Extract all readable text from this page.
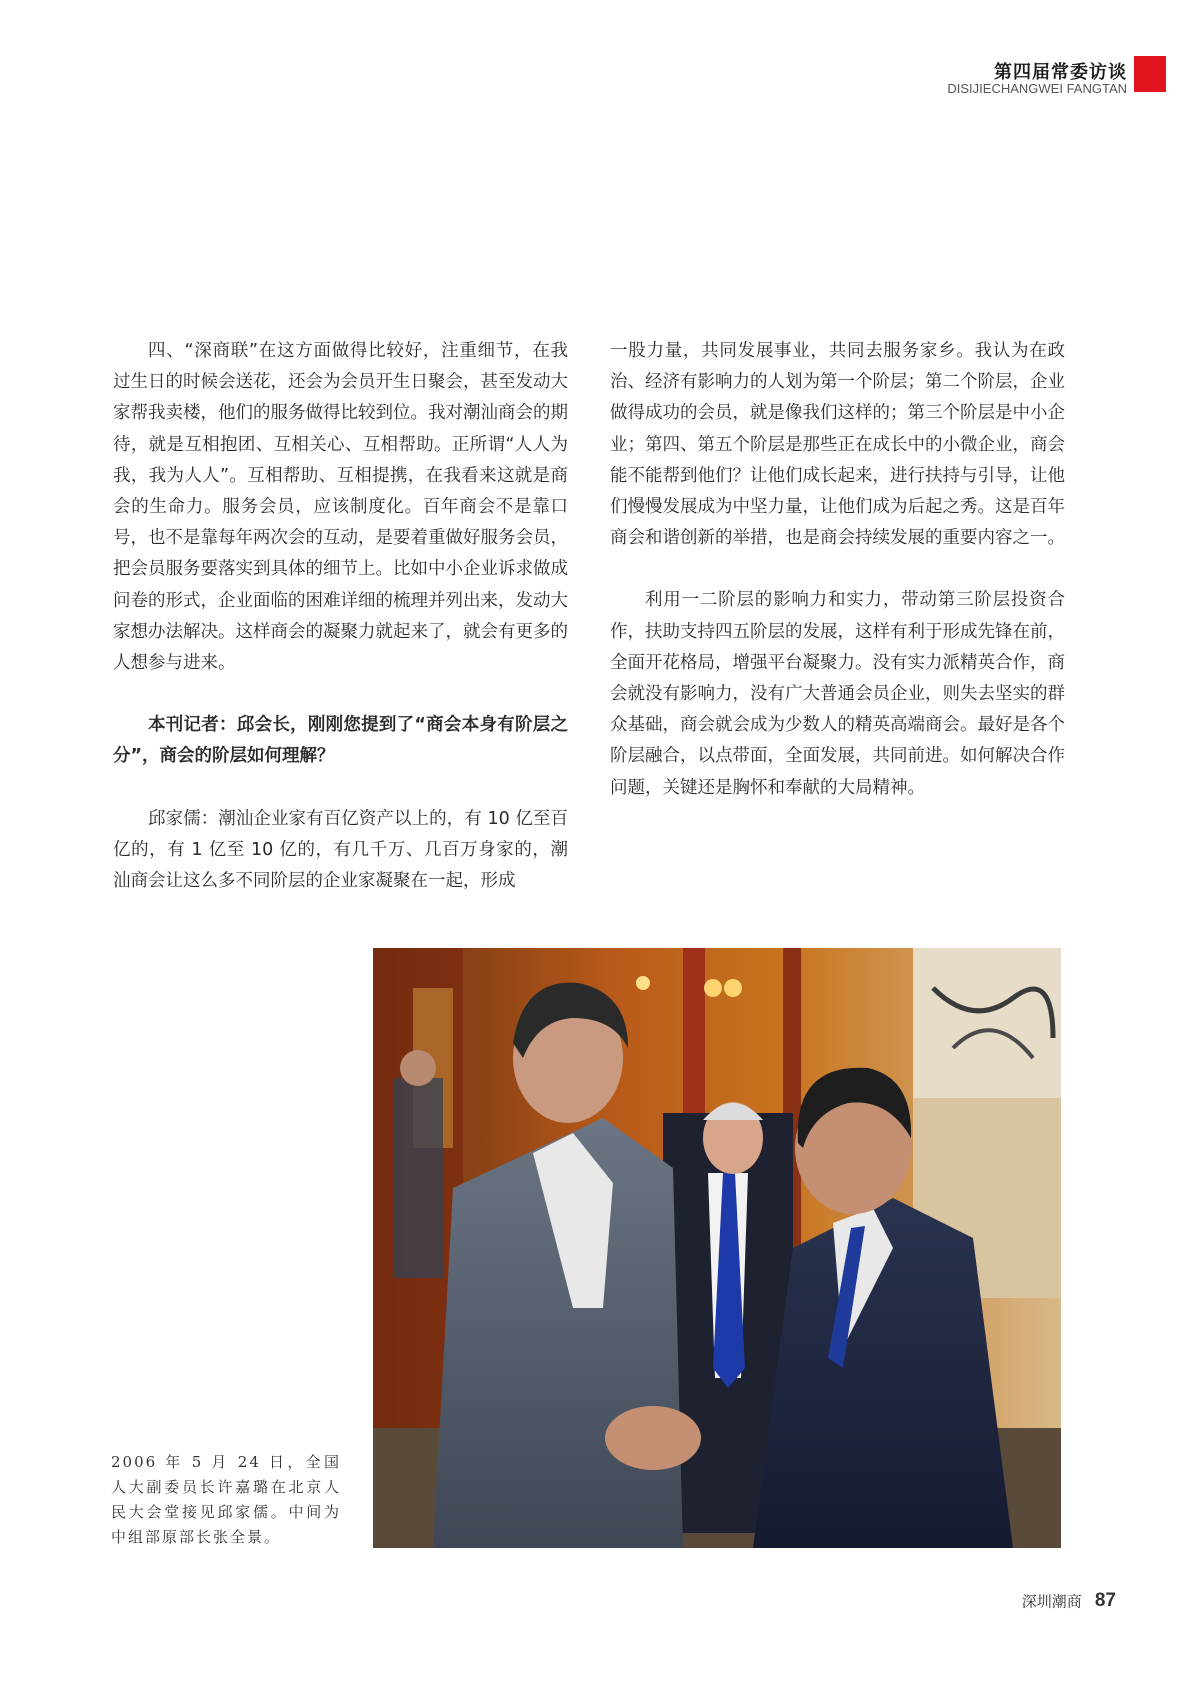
第四届常委访谈
DISIJIECHANGWEI FANGTAN

四、“深商联”在这方面做得比较好，注重细节，在我过生日的时候会送花，还会为会员开生日聚会，甚至发动大家帮我卖楼，他们的服务做得比较到位。我对潮汕商会的期待，就是互相抱团、互相关心、互相帮助。正所谓“人人为我，我为人人”。互相帮助、互相提携，在我看来这就是商会的生命力。服务会员，应该制度化。百年商会不是靠口号，也不是靠每年两次会的互动，是要着重做好服务会员，把会员服务要落实到具体的细节上。比如中小企业诉求做成问卷的形式，企业面临的困难详细的梳理并列出来，发动大家想办法解决。这样商会的凝聚力就起来了，就会有更多的人想参与进来。

本刊记者：邱会长，刚刚您提到了“商会本身有阶层之分”，商会的阶层如何理解？

邱家儒：潮汕企业家有百亿资产以上的，有 10 亿至百亿的，有 1 亿至 10 亿的，有几千万、几百万身家的，潮汕商会让这么多不同阶层的企业家凝聚在一起，形成

一股力量，共同发展事业，共同去服务家乡。我认为在政治、经济有影响力的人划为第一个阶层；第二个阶层，企业做得成功的会员，就是像我们这样的；第三个阶层是中小企业；第四、第五个阶层是那些正在成长中的小微企业，商会能不能帮到他们？让他们成长起来，进行扶持与引导，让他们慢慢发展成为中坚力量，让他们成为后起之秀。这是百年商会和谐创新的举措，也是商会持续发展的重要内容之一。

利用一二阶层的影响力和实力，带动第三阶层投资合作，扶助支持四五阶层的发展，这样有利于形成先锋在前，全面开花格局，增强平台凝聚力。没有实力派精英合作，商会就没有影响力，没有广大普通会员企业，则失去坚实的群众基础，商会就会成为少数人的精英高端商会。最好是各个阶层融合，以点带面，全面发展，共同前进。如何解决合作问题，关键还是胸怀和奉献的大局精神。

2006 年 5 月 24 日，全国人大副委员长许嘉璐在北京人民大会堂接见邱家儒。中间为中组部原部长张全景。
深圳潮商 87
